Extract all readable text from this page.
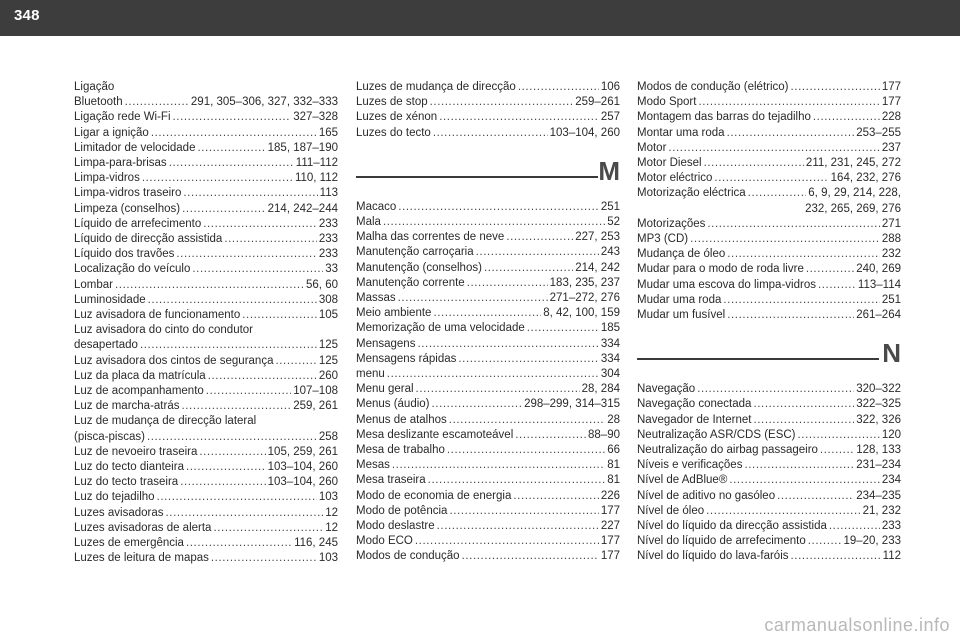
348
Ligação
Bluetooth . . .	291, 305–306, 327, 332–333
Ligação rede Wi-Fi . . .	327–328
Ligar a ignição . . .	165
Limitador de velocidade . . .	185, 187–190
Limpa-para-brisas . . .	111–112
Limpa-vidros . . .	110, 112
Limpa-vidros traseiro . . .	113
Limpeza (conselhos) . . .	214, 242–244
Líquido de arrefecimento . . .	233
Líquido de direcção assistida . . .	233
Líquido dos travões . . .	233
Localização do veículo . . .	33
Lombar . . .	56, 60
Luminosidade . . .	308
Luz avisadora de funcionamento . . .	105
Luz avisadora do cinto do condutor
desapertado . . .	125
Luz avisadora dos cintos de segurança . . .	125
Luz da placa da matrícula . . .	260
Luz de acompanhamento . . .	107–108
Luz de marcha-atrás . . .	259, 261
Luz de mudança de direcção lateral
(pisca-piscas) . . .	258
Luz de nevoeiro traseira . . .	105, 259, 261
Luz do tecto dianteira . . .	103–104, 260
Luz do tecto traseira . . .	103–104, 260
Luz do tejadilho . . .	103
Luzes avisadoras . . .	12
Luzes avisadoras de alerta . . .	12
Luzes de emergência . . .	116, 245
Luzes de leitura de mapas . . .	103
Luzes de mudança de direcção . . .	106
Luzes de stop . . .	259–261
Luzes de xénon . . .	257
Luzes do tecto . . .	103–104, 260
M
Macaco . . .	251
Mala . . .	52
Malha das correntes de neve . . .	227, 253
Manutenção carroçaria . . .	243
Manutenção (conselhos) . . .	214, 242
Manutenção corrente . . .	183, 235, 237
Massas . . .	271–272, 276
Meio ambiente . . .	8, 42, 100, 159
Memorização de uma velocidade . . .	185
Mensagens . . .	334
Mensagens rápidas . . .	334
menu . . .	304
Menu geral . . .	28, 284
Menus (áudio) . . .	298–299, 314–315
Menus de atalhos . . .	28
Mesa deslizante escamoteável . . .	88–90
Mesa de trabalho . . .	66
Mesas . . .	81
Mesa traseira . . .	81
Modo de economia de energia . . .	226
Modo de potência . . .	177
Modo deslastre . . .	227
Modo ECO . . .	177
Modos de condução . . .	177
Modos de condução (elétrico) . . .	177
Modo Sport . . .	177
Montagem das barras do tejadilho . . .	228
Montar uma roda . . .	253–255
Motor . . .	237
Motor Diesel . . .	211, 231, 245, 272
Motor eléctrico . . .	164, 232, 276
Motorização eléctrica . . .	6, 9, 29, 214, 228,
232, 265, 269, 276
Motorizações . . .	271
MP3 (CD) . . .	288
Mudança de óleo . . .	232
Mudar para o modo de roda livre . . .	240, 269
Mudar uma escova do limpa-vidros . . .	113–114
Mudar uma roda . . .	251
Mudar um fusível . . .	261–264
N
Navegação . . .	320–322
Navegação conectada . . .	322–325
Navegador de Internet . . .	322, 326
Neutralização ASR/CDS (ESC) . . .	120
Neutralização do airbag passageiro . . .	128, 133
Níveis e verificações . . .	231–234
Nível de AdBlue® . . .	234
Nível de aditivo no gasóleo . . .	234–235
Nível de óleo . . .	21, 232
Nível do líquido da direcção assistida . . .	233
Nível do líquido de arrefecimento . . .	19–20, 233
Nível do líquido do lava-faróis . . .	112
carmanualsonline.info
